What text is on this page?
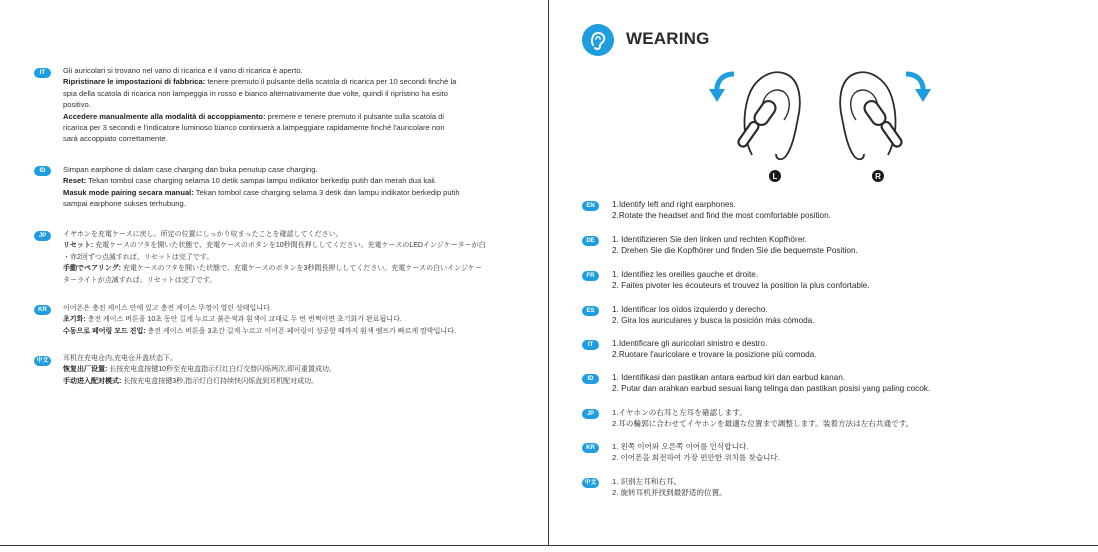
IT	Gli auricolari si trovano nel vano di ricarica e il vano di ricarica è aperto.
Ripristinare le impostazioni di fabbrica: tenere premuto il pulsante della scatola di ricarica per 10 secondi finché la
spia della scatola di ricarica non lampeggia in rosso e bianco alternativamente due volte, quindi il ripristino ha esito
positivo.
Accedere manualmente alla modalità di accoppiamento: premere e tenere premuto il pulsante sulla scatola di
ricarica per 3 secondi e l'indicatore luminoso bianco continuerà a lampeggiare rapidamente finché l'auricolare non
sarà accoppiato correttamente.
ID	Simpan earphone di dalam case charging dan buka penutup case charging.
Reset: Tekan tombol case charging selama 10 detik sampai lampu indikator berkedip putih dan merah dua kali.
Masuk mode pairing secara manual: Tekan tombol case charging selama 3 detik dan lampu indikator berkedip putih
sampai earphone sukses terhubung.
JP	イヤホンを充電ケースに戻し、所定の位置にしっかり収まったことを確認してください。
リセット: 充電ケースのフタを開いた状態で、充電ケースのボタンを10秒間長押ししてください。充電ケースのLEDインジケーターが白
・赤2回ずつ点滅すれば、リセットは完了です。
手動でペアリング: 充電ケースのフタを開いた状態で、充電ケースのボタンを3秒間長押ししてください。充電ケースの白いインジケー
ターライトが点滅すれば、リセットは完了です。
KR	이어폰은 충전 케이스 안에 있고 충전 케이스 뚜껑이 열린 상태입니다.
초기화: 충전 케이스 버튼을 10초 동안 길게 누르고 붉은색과 흰색이 교대로 두 번 번쩍이면 초기화가 완료됩니다.
수동으로 페어링 모드 진입: 충전 케이스 버튼을 3초간 길게 누르고 이어폰 페어링이 성공할 때까지 흰색 램프가 빠르게 깜박입니다.
中文	耳机在充电仓内,充电仓开盖状态下。
恢复出厂设置: 长按充电盒按键10秒至充电盒指示灯红白灯交替闪烁两次,即可重置成功。
手动进入配对模式: 长按充电盒按键3秒,指示灯白灯持续快闪烁直到耳机配对成功。
WEARING
L	R
EN	1.Identify left and right earphones.
2.Rotate the headset and find the most comfortable position.
DE	1. Identifizieren Sie den linken und rechten Kopfhörer.
2. Drehen Sie die Kopfhörer und finden Sie die bequemste Position.
FR	1. Identifiez les oreilles gauche et droite.
2. Faites pivoter les écouteurs et trouvez la position la plus confortable.
ES	1. Identificar los oídos izquierdo y derecho.
2. Gira los auriculares y busca la posición más cómoda.
IT	1.Identificare gli auricolari sinistro e destro.
2.Ruotare l'auricolare e trovare la posizione più comoda.
ID	1. Identifikasi dan pastikan antara earbud kiri dan earbud kanan.
2. Putar dan arahkan earbud sesuai liang telinga dan pastikan posisi yang paling cocok.
JP	1.イヤホンの右耳と左耳を確認します。
2.耳の輪郭に合わせてイヤホンを最適な位置まで調整します。装着方法は左右共通です。
KR	1. 왼쪽 이어와 오른쪽 이어를 인식합니다.
2. 이어폰을 회전하여 가장 편안한 위치를 찾습니다.
中文	1. 识别左耳和右耳。
2. 旋转耳机并找到最舒适的位置。
